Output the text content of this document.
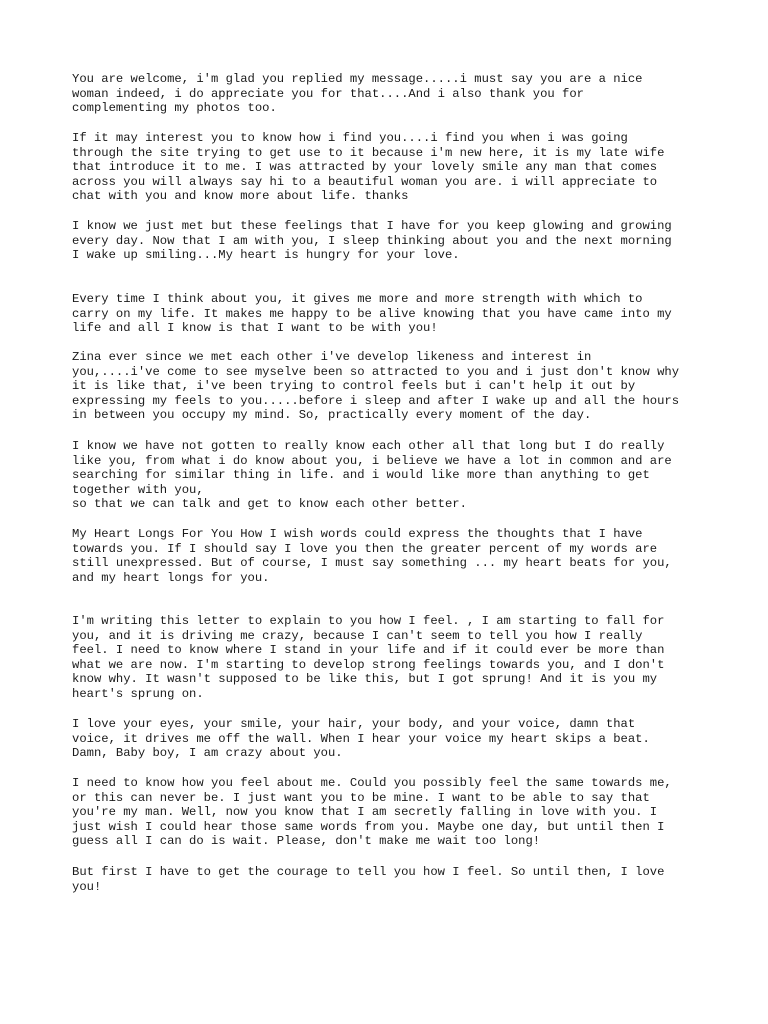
You are welcome, i'm glad you replied my message.....i must say you are a nice
woman indeed, i do appreciate you for that....And i also thank you for
complementing my photos too.

If it may interest you to know how i find you....i find you when i was going
through the site trying to get use to it because i'm new here, it is my late wife
that introduce it to me. I was attracted by your lovely smile any man that comes
across you will always say hi to a beautiful woman you are. i will appreciate to
chat with you and know more about life. thanks

I know we just met but these feelings that I have for you keep glowing and growing
every day. Now that I am with you, I sleep thinking about you and the next morning
I wake up smiling...My heart is hungry for your love.

Every time I think about you, it gives me more and more strength with which to
carry on my life. It makes me happy to be alive knowing that you have came into my
life and all I know is that I want to be with you!

Zina ever since we met each other i've develop likeness and interest in
you,....i've come to see myselve been so attracted to you and i just don't know why
it is like that, i've been trying to control feels but i can't help it out by
expressing my feels to you.....before i sleep and after I wake up and all the hours
in between you occupy my mind. So, practically every moment of the day.

I know we have not gotten to really know each other all that long but I do really
like you, from what i do know about you, i believe we have a lot in common and are
searching for similar thing in life. and i would like more than anything to get
together with you,
so that we can talk and get to know each other better.

My Heart Longs For You How I wish words could express the thoughts that I have
towards you. If I should say I love you then the greater percent of my words are
still unexpressed. But of course, I must say something ... my heart beats for you,
and my heart longs for you.

I'm writing this letter to explain to you how I feel. , I am starting to fall for
you, and it is driving me crazy, because I can't seem to tell you how I really
feel. I need to know where I stand in your life and if it could ever be more than
what we are now. I'm starting to develop strong feelings towards you, and I don't
know why. It wasn't supposed to be like this, but I got sprung! And it is you my
heart's sprung on.

I love your eyes, your smile, your hair, your body, and your voice, damn that
voice, it drives me off the wall. When I hear your voice my heart skips a beat.
Damn, Baby boy, I am crazy about you.

I need to know how you feel about me. Could you possibly feel the same towards me,
or this can never be. I just want you to be mine. I want to be able to say that
you're my man. Well, now you know that I am secretly falling in love with you. I
just wish I could hear those same words from you. Maybe one day, but until then I
guess all I can do is wait. Please, don't make me wait too long!

But first I have to get the courage to tell you how I feel. So until then, I love
you!
